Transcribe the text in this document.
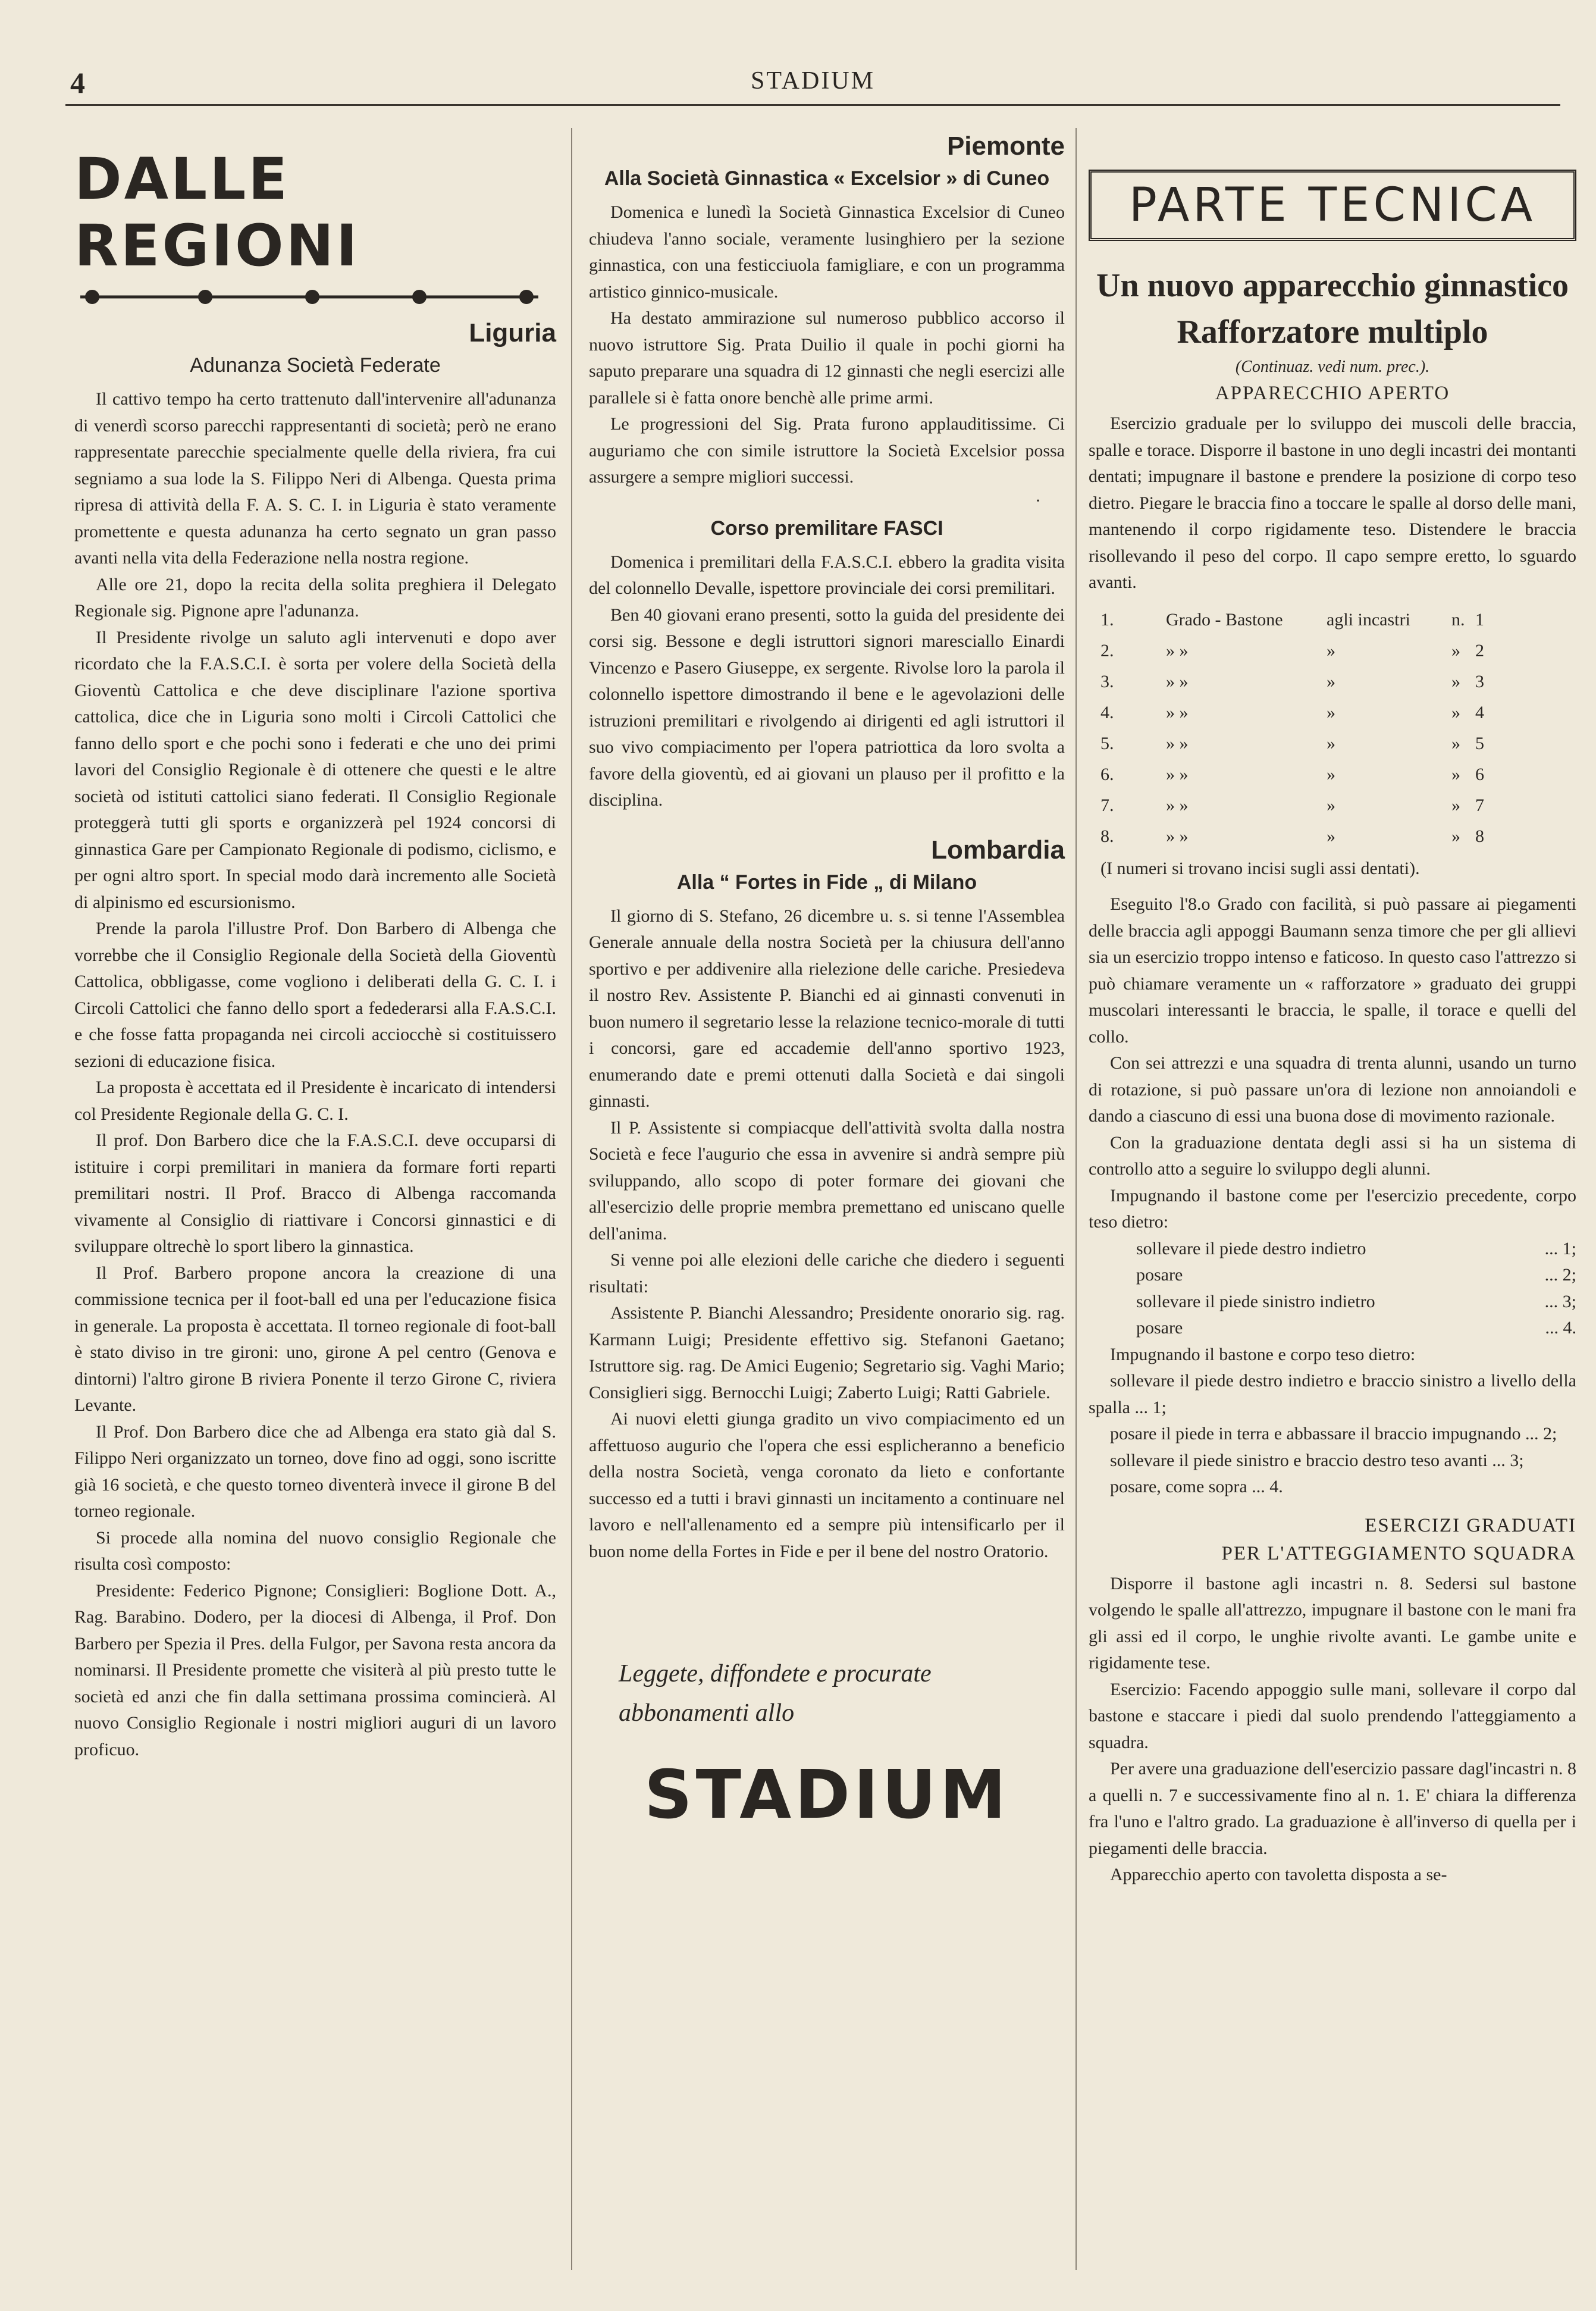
4	STADIUM
DALLE REGIONI
Liguria
Adunanza Società Federate

Il cattivo tempo ha certo trattenuto dall'intervenire all'adunanza di venerdì scorso parecchi rappresentanti di società; però ne erano rappresentate parecchie specialmente quelle della riviera, fra cui segniamo a sua lode la S. Filippo Neri di Albenga. Questa prima ripresa di attività della F. A. S. C. I. in Liguria è stato veramente promettente e questa adunanza ha certo segnato un gran passo avanti nella vita della Federazione nella nostra regione.

Alle ore 21, dopo la recita della solita preghiera il Delegato Regionale sig. Pignone apre l'adunanza.

Il Presidente rivolge un saluto agli intervenuti e dopo aver ricordato che la F.A.S.C.I. è sorta per volere della Società della Gioventù Cattolica e che deve disciplinare l'azione sportiva cattolica, dice che in Liguria sono molti i Circoli Cattolici che fanno dello sport e che pochi sono i federati e che uno dei primi lavori del Consiglio Regionale è di ottenere che questi e le altre società od istituti cattolici siano federati. Il Consiglio Regionale proteggerà tutti gli sports e organizzerà pel 1924 concorsi di ginnastica Gare per Campionato Regionale di podismo, ciclismo, e per ogni altro sport. In special modo darà incremento alle Società di alpinismo ed escursionismo.

Prende la parola l'illustre Prof. Don Barbero di Albenga che vorrebbe che il Consiglio Regionale della Società della Gioventù Cattolica, obbligasse, come vogliono i deliberati della G. C. I. i Circoli Cattolici che fanno dello sport a fedederarsi alla F.A.S.C.I. e che fosse fatta propaganda nei circoli acciocchè si costituissero sezioni di educazione fisica.

La proposta è accettata ed il Presidente è incaricato di intendersi col Presidente Regionale della G. C. I.

Il prof. Don Barbero dice che la F.A.S.C.I. deve occuparsi di istituire i corpi premilitari in maniera da formare forti reparti premilitari nostri. Il Prof. Bracco di Albenga raccomanda vivamente al Consiglio di riattivare i Concorsi ginnastici e di sviluppare oltrechè lo sport libero la ginnastica.

Il Prof. Barbero propone ancora la creazione di una commissione tecnica per il foot-ball ed una per l'educazione fisica in generale. La proposta è accettata. Il torneo regionale di foot-ball è stato diviso in tre gironi: uno, girone A pel centro (Genova e dintorni) l'altro girone B riviera Ponente il terzo Girone C, riviera Levante.

Il Prof. Don Barbero dice che ad Albenga era stato già dal S. Filippo Neri organizzato un torneo, dove fino ad oggi, sono iscritte già 16 società, e che questo torneo diventerà invece il girone B del torneo regionale.

Si procede alla nomina del nuovo consiglio Regionale che risulta così composto:

Presidente: Federico Pignone; Consiglieri: Boglione Dott. A., Rag. Barabino. Dodero, per la diocesi di Albenga, il Prof. Don Barbero per Spezia il Pres. della Fulgor, per Savona resta ancora da nominarsi. Il Presidente promette che visiterà al più presto tutte le società ed anzi che fin dalla settimana prossima comincierà. Al nuovo Consiglio Regionale i nostri migliori auguri di un lavoro proficuo.

Piemonte
Alla Società Ginnastica « Excelsior » di Cuneo

Domenica e lunedì la Società Ginnastica Excelsior di Cuneo chiudeva l'anno sociale, veramente lusinghiero per la sezione ginnastica, con una festicciuola famigliare, e con un programma artistico ginnico-musicale.

Ha destato ammirazione sul numeroso pubblico accorso il nuovo istruttore Sig. Prata Duilio il quale in pochi giorni ha saputo preparare una squadra di 12 ginnasti che negli esercizi alle parallele si è fatta onore benchè alle prime armi.

Le progressioni del Sig. Prata furono applauditissime. Ci auguriamo che con simile istruttore la Società Excelsior possa assurgere a sempre migliori successi.

·
Corso premilitare FASCI

Domenica i premilitari della F.A.S.C.I. ebbero la gradita visita del colonnello Devalle, ispettore provinciale dei corsi premilitari.

Ben 40 giovani erano presenti, sotto la guida del presidente dei corsi sig. Bessone e degli istruttori signori maresciallo Einardi Vincenzo e Pasero Giuseppe, ex sergente. Rivolse loro la parola il colonnello ispettore dimostrando il bene e le agevolazioni delle istruzioni premilitari e rivolgendo ai dirigenti ed agli istruttori il suo vivo compiacimento per l'opera patriottica da loro svolta a favore della gioventù, ed ai giovani un plauso per il profitto e la disciplina.

Lombardia
Alla “ Fortes in Fide „ di Milano

Il giorno di S. Stefano, 26 dicembre u. s. si tenne l'Assemblea Generale annuale della nostra Società per la chiusura dell'anno sportivo e per addivenire alla rielezione delle cariche. Presiedeva il nostro Rev. Assistente P. Bianchi ed ai ginnasti convenuti in buon numero il segretario lesse la relazione tecnico-morale di tutti i concorsi, gare ed accademie dell'anno sportivo 1923, enumerando date e premi ottenuti dalla Società e dai singoli ginnasti.

Il P. Assistente si compiacque dell'attività svolta dalla nostra Società e fece l'augurio che essa in avvenire si andrà sempre più sviluppando, allo scopo di poter formare dei giovani che all'esercizio delle proprie membra premettano ed uniscano quelle dell'anima.

Si venne poi alle elezioni delle cariche che diedero i seguenti risultati:

Assistente P. Bianchi Alessandro; Presidente onorario sig. rag. Karmann Luigi; Presidente effettivo sig. Stefanoni Gaetano; Istruttore sig. rag. De Amici Eugenio; Segretario sig. Vaghi Mario; Consiglieri sigg. Bernocchi Luigi; Zaberto Luigi; Ratti Gabriele.

Ai nuovi eletti giunga gradito un vivo compiacimento ed un affettuoso augurio che l'opera che essi esplicheranno a beneficio della nostra Società, venga coronato da lieto e confortante successo ed a tutti i bravi ginnasti un incitamento a continuare nel lavoro e nell'allenamento ed a sempre più intensificarlo per il buon nome della Fortes in Fide e per il bene del nostro Oratorio.

Leggete, diffondete e procurate
abbonamenti allo
STADIUM
PARTE TECNICA

Un nuovo apparecchio ginnastico Rafforzatore multiplo

(Continuaz. vedi num. prec.).

APPARECCHIO APERTO

Esercizio graduale per lo sviluppo dei muscoli delle braccia, spalle e torace. Disporre il bastone in uno degli incastri dei montanti dentati; impugnare il bastone e prendere la posizione di corpo teso dietro. Piegare le braccia fino a toccare le spalle al dorso delle mani, mantenendo il corpo rigidamente teso. Distendere le braccia risollevando il peso del corpo. Il capo sempre eretto, lo sguardo avanti.

1.	Grado - Bastone	agli incastri	n. 1
2.	» »	»	» 2
3.	» »	»	» 3
4.	» »	»	» 4
5.	» »	»	» 5
6.	» »	»	» 6
7.	» »	»	» 7
8.	» »	»	» 8

(I numeri si trovano incisi sugli assi dentati).

Eseguito l'8.o Grado con facilità, si può passare ai piegamenti delle braccia agli appoggi Baumann senza timore che per gli allievi sia un esercizio troppo intenso e faticoso. In questo caso l'attrezzo si può chiamare veramente un « rafforzatore » graduato dei gruppi muscolari interessanti le braccia, le spalle, il torace e quelli del collo.

Con sei attrezzi e una squadra di trenta alunni, usando un turno di rotazione, si può passare un'ora di lezione non annoiandoli e dando a ciascuno di essi una buona dose di movimento razionale.

Con la graduazione dentata degli assi si ha un sistema di controllo atto a seguire lo sviluppo degli alunni.

Impugnando il bastone come per l'esercizio precedente, corpo teso dietro:

sollevare il piede destro indietro	... 1;
posare	... 2;
sollevare il piede sinistro indietro	... 3;
posare	... 4.

Impugnando il bastone e corpo teso dietro:

sollevare il piede destro indietro e braccio sinistro a livello della spalla ... 1;

posare il piede in terra e abbassare il braccio impugnando ... 2;

sollevare il piede sinistro e braccio destro teso avanti ... 3;

posare, come sopra ... 4.

ESERCIZI GRADUATI

PER L'ATTEGGIAMENTO SQUADRA

Disporre il bastone agli incastri n. 8. Sedersi sul bastone volgendo le spalle all'attrezzo, impugnare il bastone con le mani fra gli assi ed il corpo, le unghie rivolte avanti. Le gambe unite e rigidamente tese.

Esercizio: Facendo appoggio sulle mani, sollevare il corpo dal bastone e staccare i piedi dal suolo prendendo l'atteggiamento a squadra.

Per avere una graduazione dell'esercizio passare dagl'incastri n. 8 a quelli n. 7 e successivamente fino al n. 1. E' chiara la differenza fra l'uno e l'altro grado. La graduazione è all'inverso di quella per i piegamenti delle braccia.

Apparecchio aperto con tavoletta disposta a se-
